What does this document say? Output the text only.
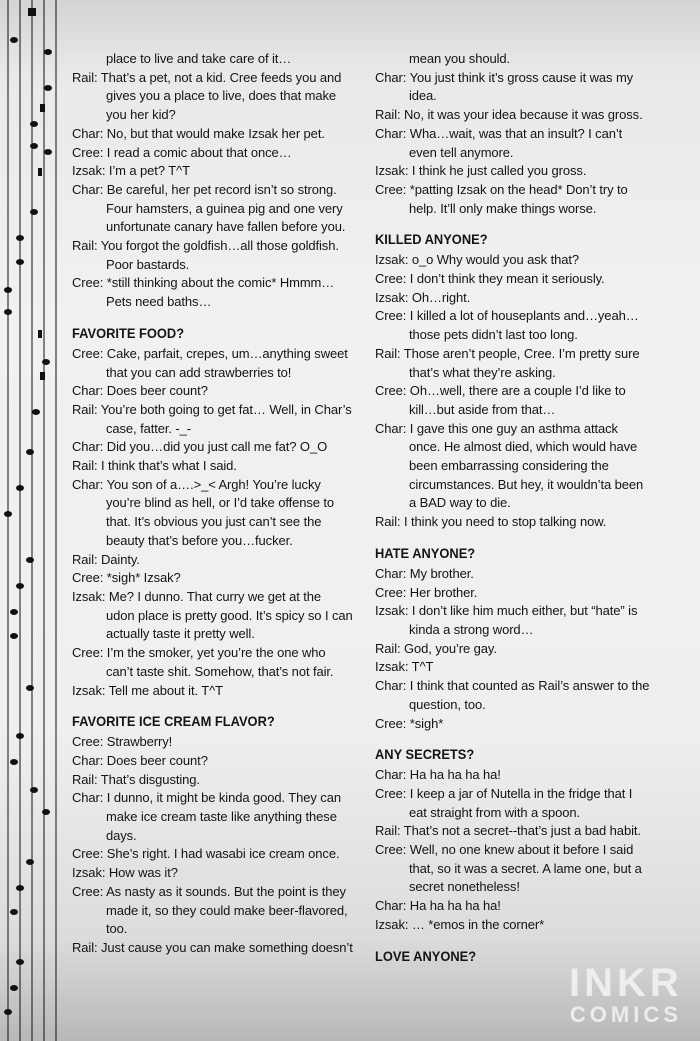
place to live and take care of it…
Rail: That’s a pet, not a kid. Cree feeds you and
gives you a place to live, does that make
you her kid?
Char: No, but that would make Izsak her pet.
Cree: I read a comic about that once…
Izsak: I’m a pet? T^T
Char: Be careful, her pet record isn’t so strong.
Four hamsters, a guinea pig and one very
unfortunate canary have fallen before you.
Rail: You forgot the goldfish…all those goldfish.
Poor bastards.
Cree: *still thinking about the comic* Hmmm…
Pets need baths…
FAVORITE FOOD?
Cree: Cake, parfait, crepes, um…anything sweet
that you can add strawberries to!
Char: Does beer count?
Rail: You’re both going to get fat… Well, in Char’s
case, fatter. -_-
Char: Did you…did you just call me fat? O_O
Rail: I think that’s what I said.
Char: You son of a….>_< Argh! You’re lucky
you’re blind as hell, or I’d take offense to
that. It’s obvious you just can’t see the
beauty that’s before you…fucker.
Rail: Dainty.
Cree: *sigh* Izsak?
Izsak: Me? I dunno. That curry we get at the
udon place is pretty good. It’s spicy so I can
actually taste it pretty well.
Cree: I’m the smoker, yet you’re the one who
can’t taste shit. Somehow, that’s not fair.
Izsak: Tell me about it. T^T
FAVORITE ICE CREAM FLAVOR?
Cree: Strawberry!
Char: Does beer count?
Rail: That’s disgusting.
Char: I dunno, it might be kinda good. They can
make ice cream taste like anything these
days.
Cree: She’s right. I had wasabi ice cream once.
Izsak: How was it?
Cree: As nasty as it sounds. But the point is they
made it, so they could make beer-flavored,
too.
Rail: Just cause you can make something doesn’t
mean you should.
Char: You just think it’s gross cause it was my
idea.
Rail: No, it was your idea because it was gross.
Char: Wha…wait, was that an insult? I can’t
even tell anymore.
Izsak: I think he just called you gross.
Cree: *patting Izsak on the head* Don’t try to
help. It’ll only make things worse.
KILLED ANYONE?
Izsak: o_o Why would you ask that?
Cree: I don’t think they mean it seriously.
Izsak: Oh…right.
Cree: I killed a lot of houseplants and…yeah…
those pets didn’t last too long.
Rail: Those aren’t people, Cree. I’m pretty sure
that’s what they’re asking.
Cree: Oh…well, there are a couple I’d like to
kill…but aside from that…
Char: I gave this one guy an asthma attack
once. He almost died, which would have
been embarrassing considering the
circumstances. But hey, it wouldn’ta been
a BAD way to die.
Rail: I think you need to stop talking now.
HATE ANYONE?
Char: My brother.
Cree: Her brother.
Izsak: I don’t like him much either, but “hate” is
kinda a strong word…
Rail: God, you’re gay.
Izsak: T^T
Char: I think that counted as Rail’s answer to the
question, too.
Cree: *sigh*
ANY SECRETS?
Char: Ha ha ha ha ha!
Cree: I keep a jar of Nutella in the fridge that I
eat straight from with a spoon.
Rail: That’s not a secret--that’s just a bad habit.
Cree: Well, no one knew about it before I said
that, so it was a secret. A lame one, but a
secret nonetheless!
Char: Ha ha ha ha ha!
Izsak: … *emos in the corner*
LOVE ANYONE?
INKR
COMICS
